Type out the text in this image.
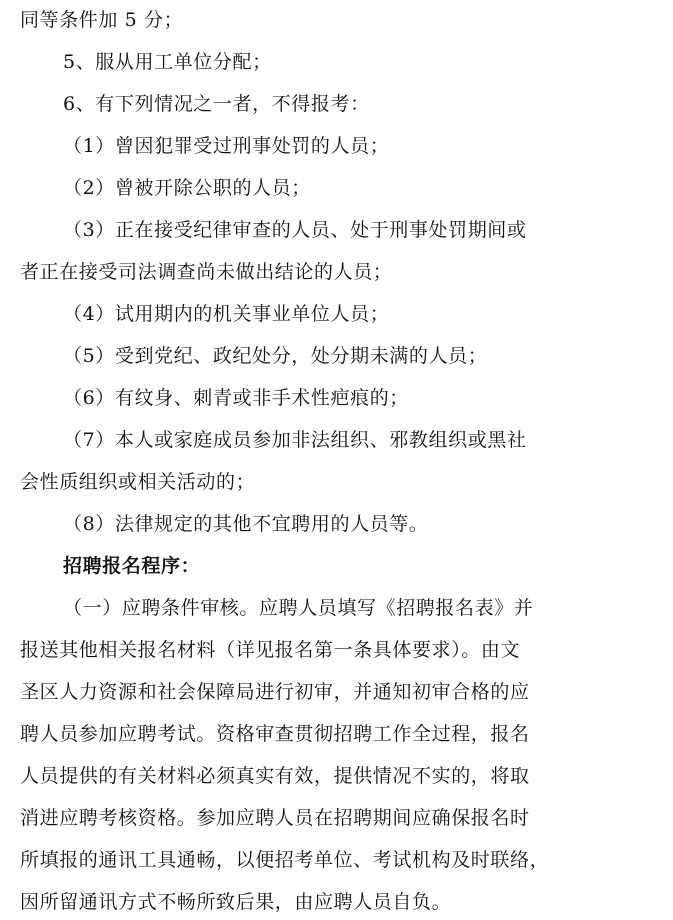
同等条件加 5 分；
5、服从用工单位分配；
6、有下列情况之一者，不得报考：
（1）曾因犯罪受过刑事处罚的人员；
（2）曾被开除公职的人员；
（3）正在接受纪律审查的人员、处于刑事处罚期间或
者正在接受司法调查尚未做出结论的人员；
（4）试用期内的机关事业单位人员；
（5）受到党纪、政纪处分，处分期未满的人员；
（6）有纹身、刺青或非手术性疤痕的；
（7）本人或家庭成员参加非法组织、邪教组织或黑社
会性质组织或相关活动的；
（8）法律规定的其他不宜聘用的人员等。
招聘报名程序：
（一）应聘条件审核。应聘人员填写《招聘报名表》并
报送其他相关报名材料（详见报名第一条具体要求）。由文
圣区人力资源和社会保障局进行初审，并通知初审合格的应
聘人员参加应聘考试。资格审查贯彻招聘工作全过程，报名
人员提供的有关材料必须真实有效，提供情况不实的，将取
消进应聘考核资格。参加应聘人员在招聘期间应确保报名时
所填报的通讯工具通畅，以便招考单位、考试机构及时联络，
因所留通讯方式不畅所致后果，由应聘人员自负。
